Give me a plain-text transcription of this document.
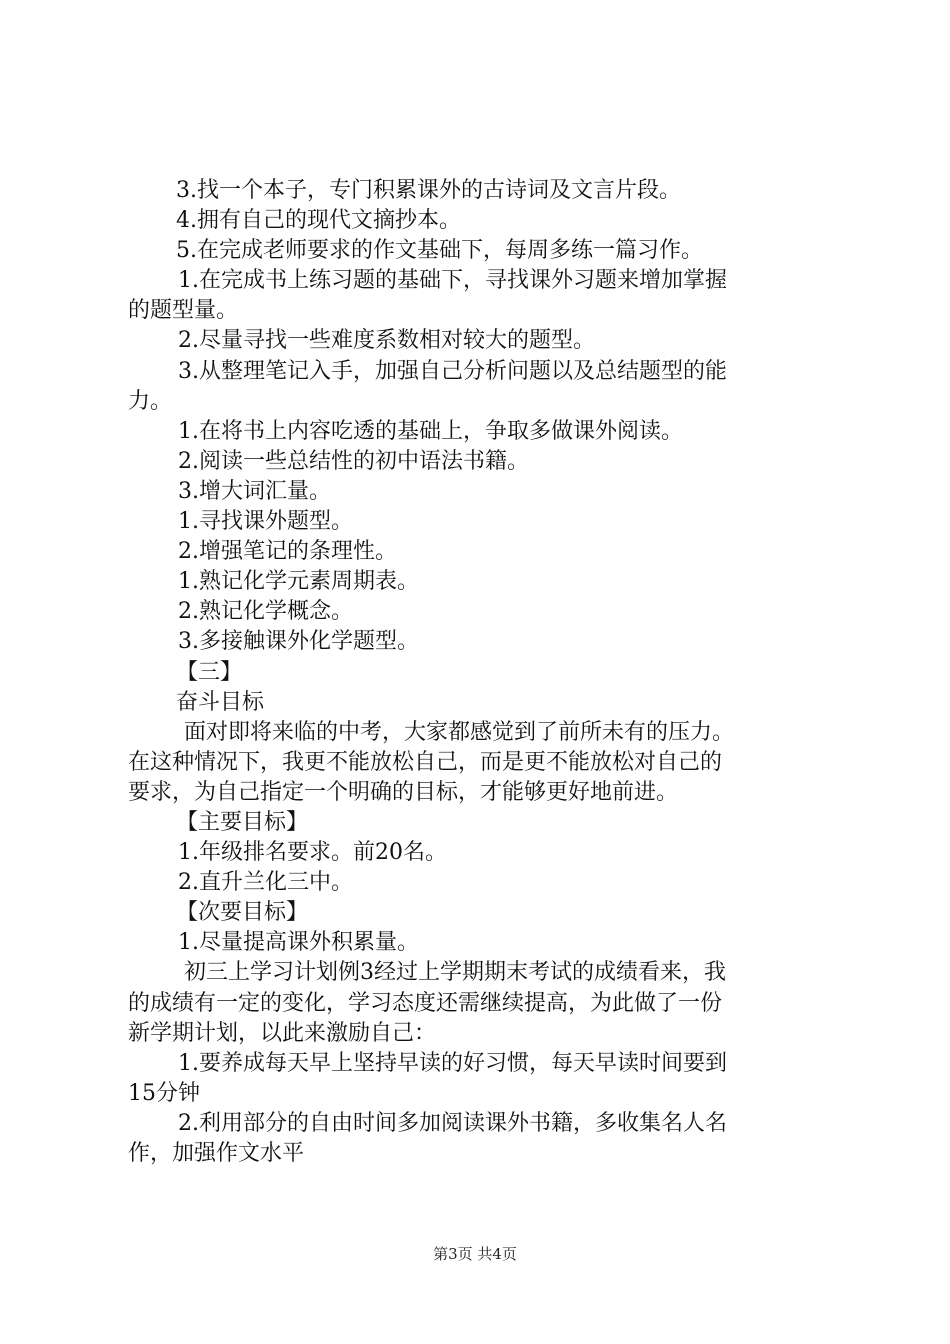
3.找一个本子，专门积累课外的古诗词及文言片段。
4.拥有自己的现代文摘抄本。
5.在完成老师要求的作文基础下，每周多练一篇习作。
1.在完成书上练习题的基础下，寻找课外习题来增加掌握
的题型量。
2.尽量寻找一些难度系数相对较大的题型。
3.从整理笔记入手，加强自己分析问题以及总结题型的能
力。
1.在将书上内容吃透的基础上，争取多做课外阅读。
2.阅读一些总结性的初中语法书籍。
3.增大词汇量。
1.寻找课外题型。
2.增强笔记的条理性。
1.熟记化学元素周期表。
2.熟记化学概念。
3.多接触课外化学题型。
【三】
奋斗目标
面对即将来临的中考，大家都感觉到了前所未有的压力。
在这种情况下，我更不能放松自己，而是更不能放松对自己的
要求，为自己指定一个明确的目标，才能够更好地前进。
【主要目标】
1.年级排名要求。前20名。
2.直升兰化三中。
【次要目标】
1.尽量提高课外积累量。
初三上学习计划例3经过上学期期末考试的成绩看来，我
的成绩有一定的变化，学习态度还需继续提高，为此做了一份
新学期计划，以此来激励自己：
1.要养成每天早上坚持早读的好习惯，每天早读时间要到
15分钟
2.利用部分的自由时间多加阅读课外书籍，多收集名人名
作，加强作文水平
第3页 共4页
